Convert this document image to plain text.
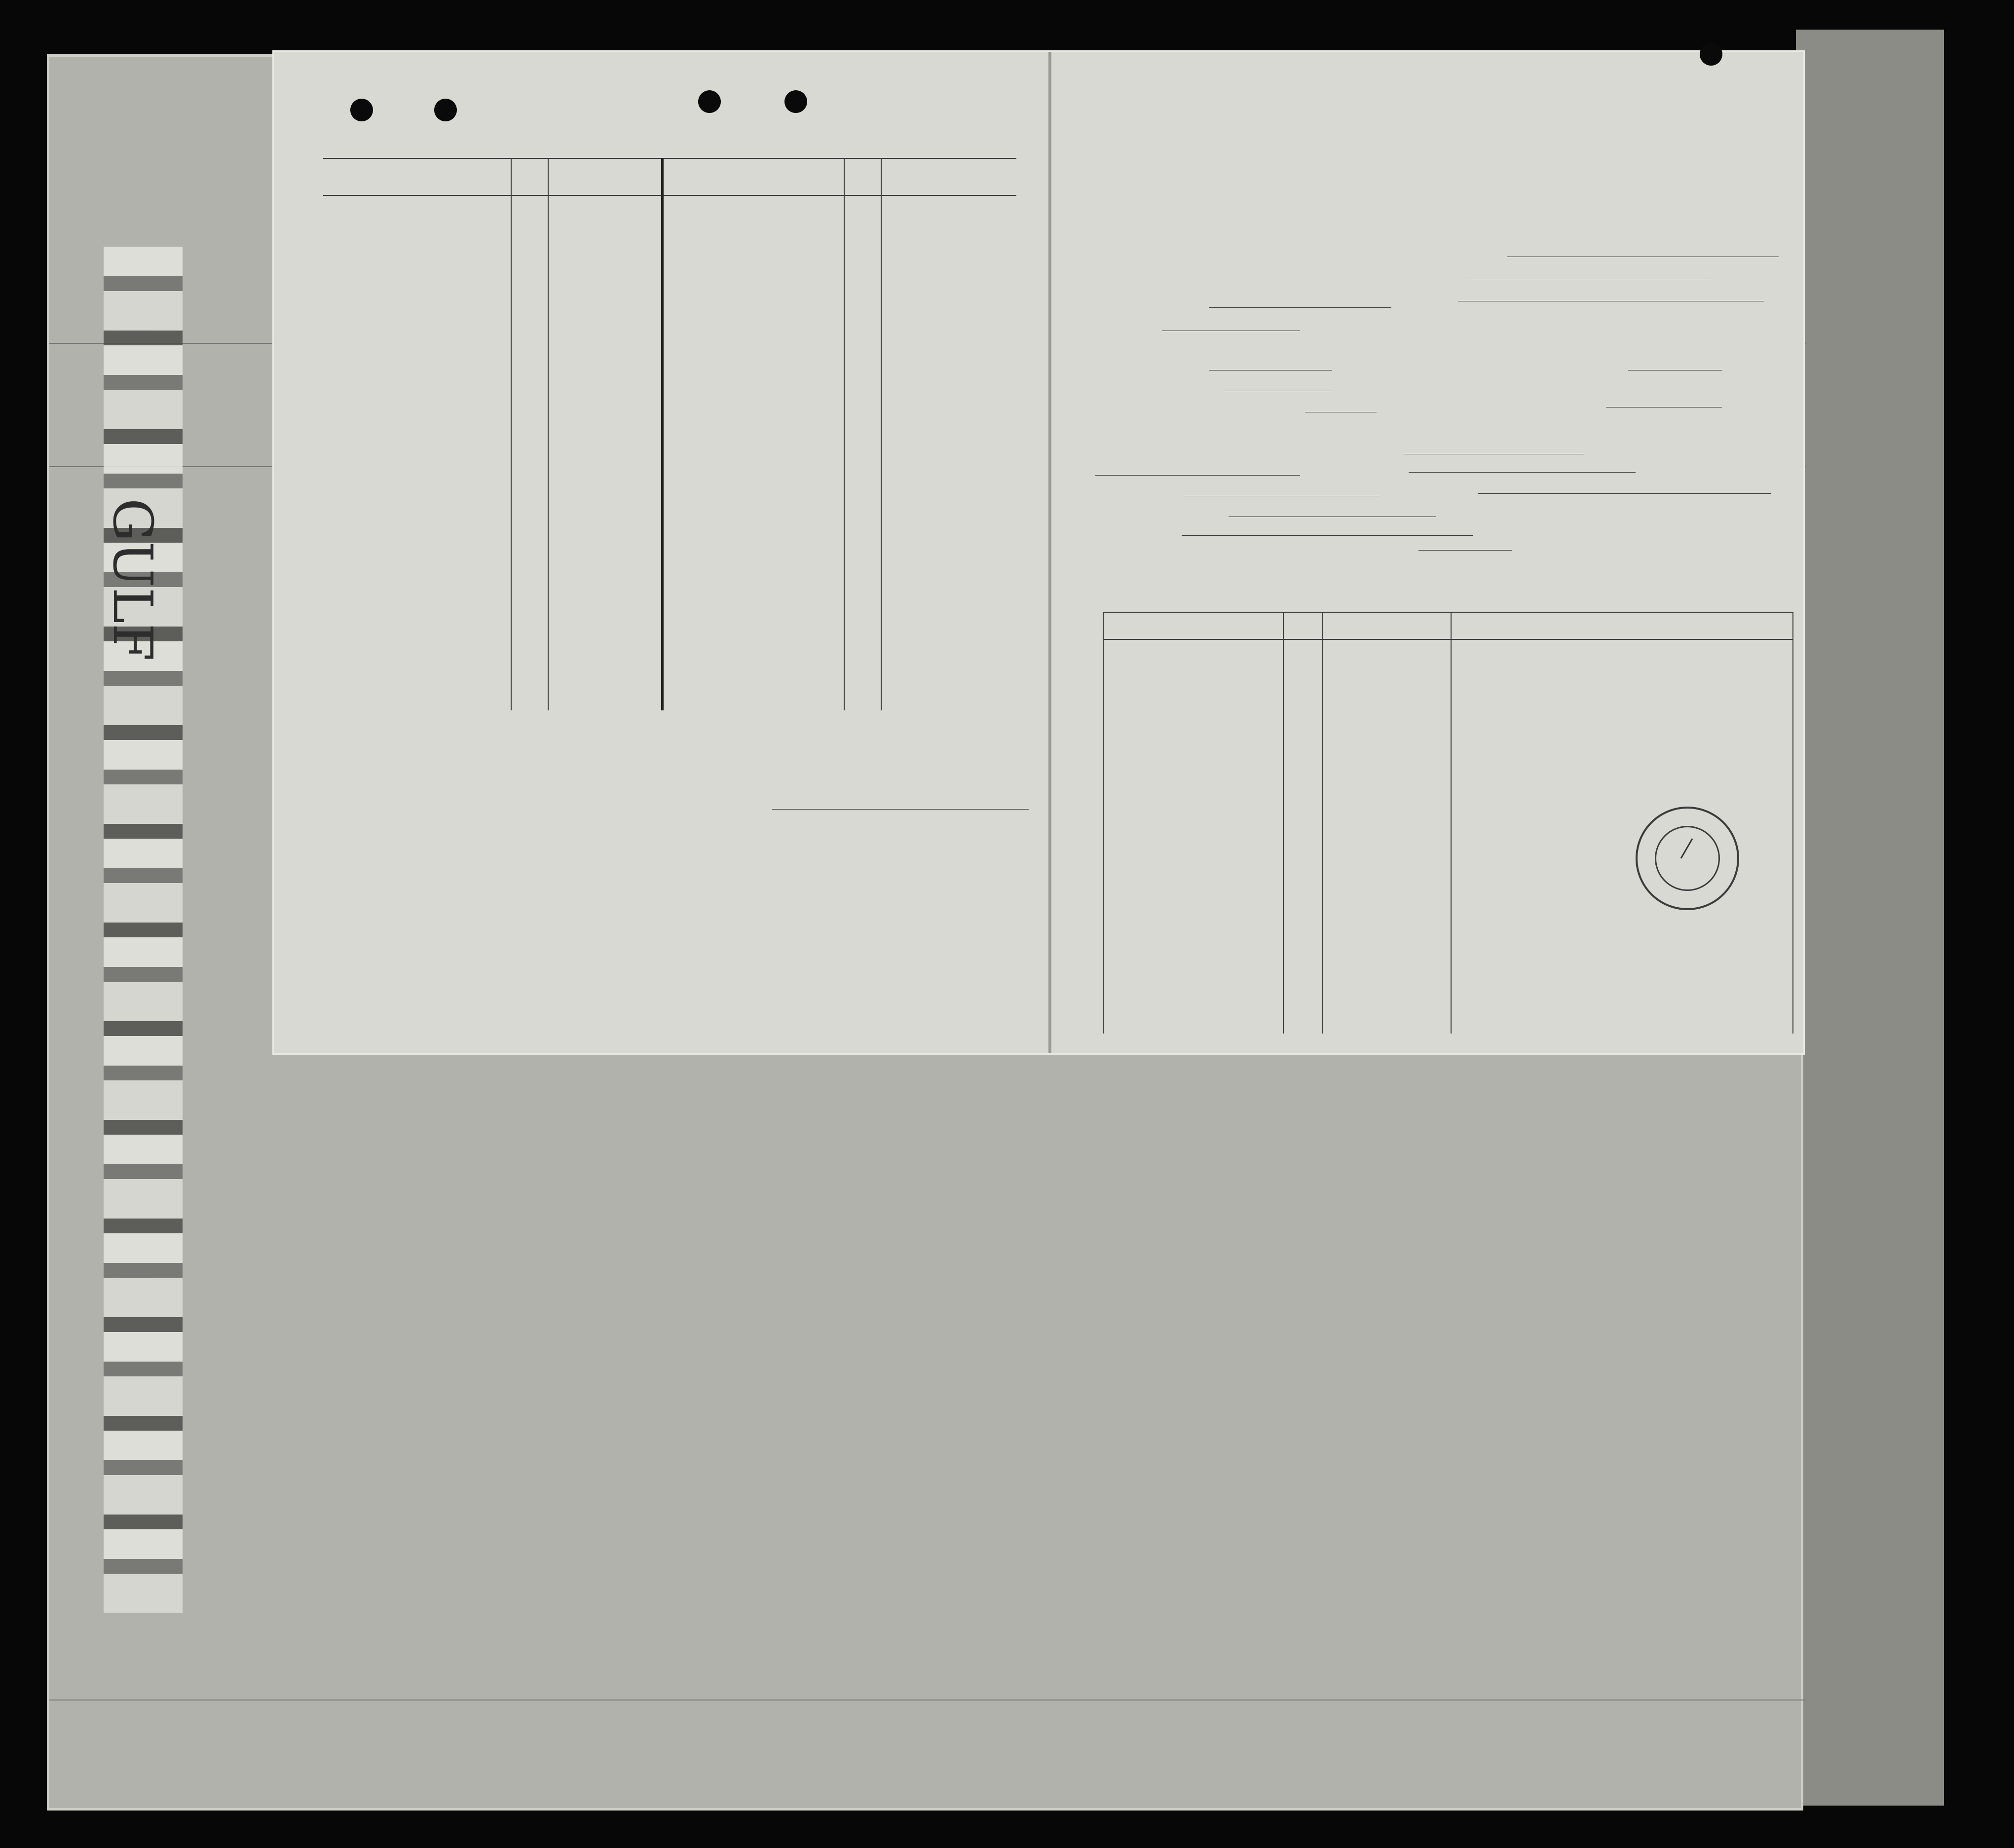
GULF
